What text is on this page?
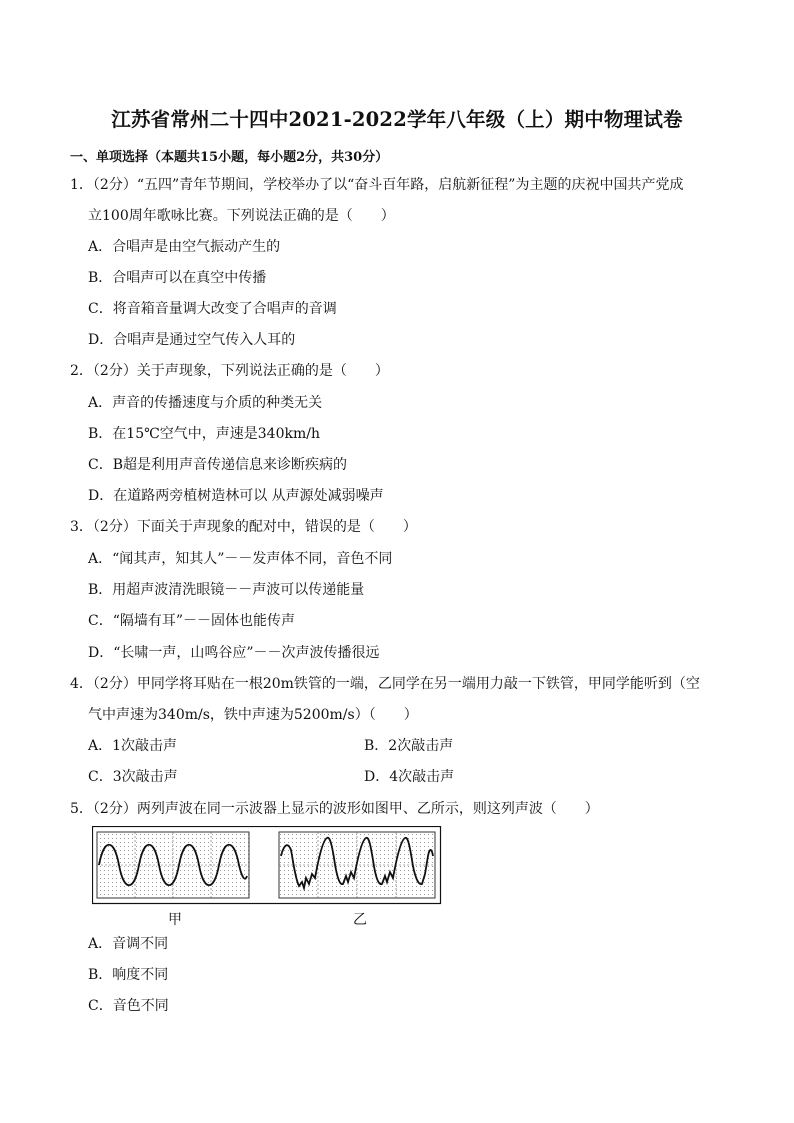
江苏省常州二十四中2021-2022学年八年级（上）期中物理试卷
一、单项选择（本题共15小题，每小题2分，共30分）
1．（2分）“五四”青年节期间，学校举办了以“奋斗百年路，启航新征程”为主题的庆祝中国共产党成
立100周年歌咏比赛。下列说法正确的是（　　）
A．合唱声是由空气振动产生的
B．合唱声可以在真空中传播
C．将音箱音量调大改变了合唱声的音调
D．合唱声是通过空气传入人耳的
2．（2分）关于声现象，下列说法正确的是（　　）
A．声音的传播速度与介质的种类无关
B．在15℃空气中，声速是340km/h
C．B超是利用声音传递信息来诊断疾病的
D．在道路两旁植树造林可以 从声源处减弱噪声
3．（2分）下面关于声现象的配对中，错误的是（　　）
A．“闻其声，知其人”－－发声体不同，音色不同
B．用超声波清洗眼镜－－声波可以传递能量
C．“隔墙有耳”－－固体也能传声
D．“长啸一声，山鸣谷应”－－次声波传播很远
4．（2分）甲同学将耳贴在一根20m铁管的一端，乙同学在另一端用力敲一下铁管，甲同学能听到（空
气中声速为340m/s，铁中声速为5200m/s）（　　）
A．1次敲击声	B．2次敲击声
C．3次敲击声	D．4次敲击声
5．（2分）两列声波在同一示波器上显示的波形如图甲、乙所示，则这列声波（　　）
甲	乙
A．音调不同
B．响度不同
C．音色不同
